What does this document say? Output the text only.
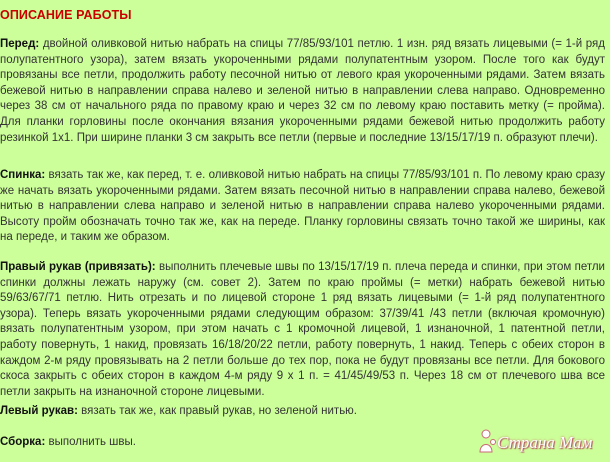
ОПИСАНИЕ РАБОТЫ

Перед: двойной оливковой нитью набрать на спицы 77/85/93/101 петлю. 1 изн. ряд вязать лицевыми (= 1-й ряд полупатентного узора), затем вязать укороченными рядами полупатентным узором. После того как будут провязаны все петли, продолжить работу песочной нитью от левого края укороченными рядами. Затем вязать бежевой нитью в направлении справа налево и зеленой нитью в направлении слева направо. Одновременно через 38 см от начального ряда по правому краю и через 32 см по левому краю поставить метку (= пройма). Для планки горловины после окончания вязания укороченными рядами бежевой нитью продолжить работу резинкой 1х1. При ширине планки 3 см закрыть все петли (первые и последние 13/15/17/19 п. образуют плечи).

Спинка: вязать так же, как перед, т. е. оливковой нитью набрать на спицы 77/85/93/101 п. По левому краю сразу же начать вязать укороченными рядами. Затем вязать песочной нитью в направлении справа налево, бежевой нитью в направлении слева направо и зеленой нитью в направлении справа налево укороченными рядами. Высоту пройм обозначать точно так же, как на переде. Планку горловины связать точно такой же ширины, как на переде, и таким же образом.

Правый рукав (привязать): выполнить плечевые швы по 13/15/17/19 п. плеча переда и спинки, при этом петли спинки должны лежать наружу (см. совет 2). Затем по краю проймы (= метки) набрать бежевой нитью 59/63/67/71 петлю. Нить отрезать и по лицевой стороне 1 ряд вязать лицевыми (= 1-й ряд полупатентного узора). Теперь вязать укороченными рядами следующим образом: 37/39/41 /43 петли (включая кромочную) вязать полупатентным узором, при этом начать с 1 кромочной лицевой, 1 изнаночной, 1 патентной петли, работу повернуть, 1 накид, провязать 16/18/20/22 петли, работу повернуть, 1 накид. Теперь с обеих сторон в каждом 2-м ряду провязывать на 2 петли больше до тех пор, пока не будут провязаны все петли. Для бокового скоса закрыть с обеих сторон в каждом 4-м ряду 9 х 1 п. = 41/45/49/53 п. Через 18 см от плечевого шва все петли закрыть на изнаночной стороне лицевыми.

Левый рукав: вязать так же, как правый рукав, но зеленой нитью.

Сборка: выполнить швы.	Страна Мам
